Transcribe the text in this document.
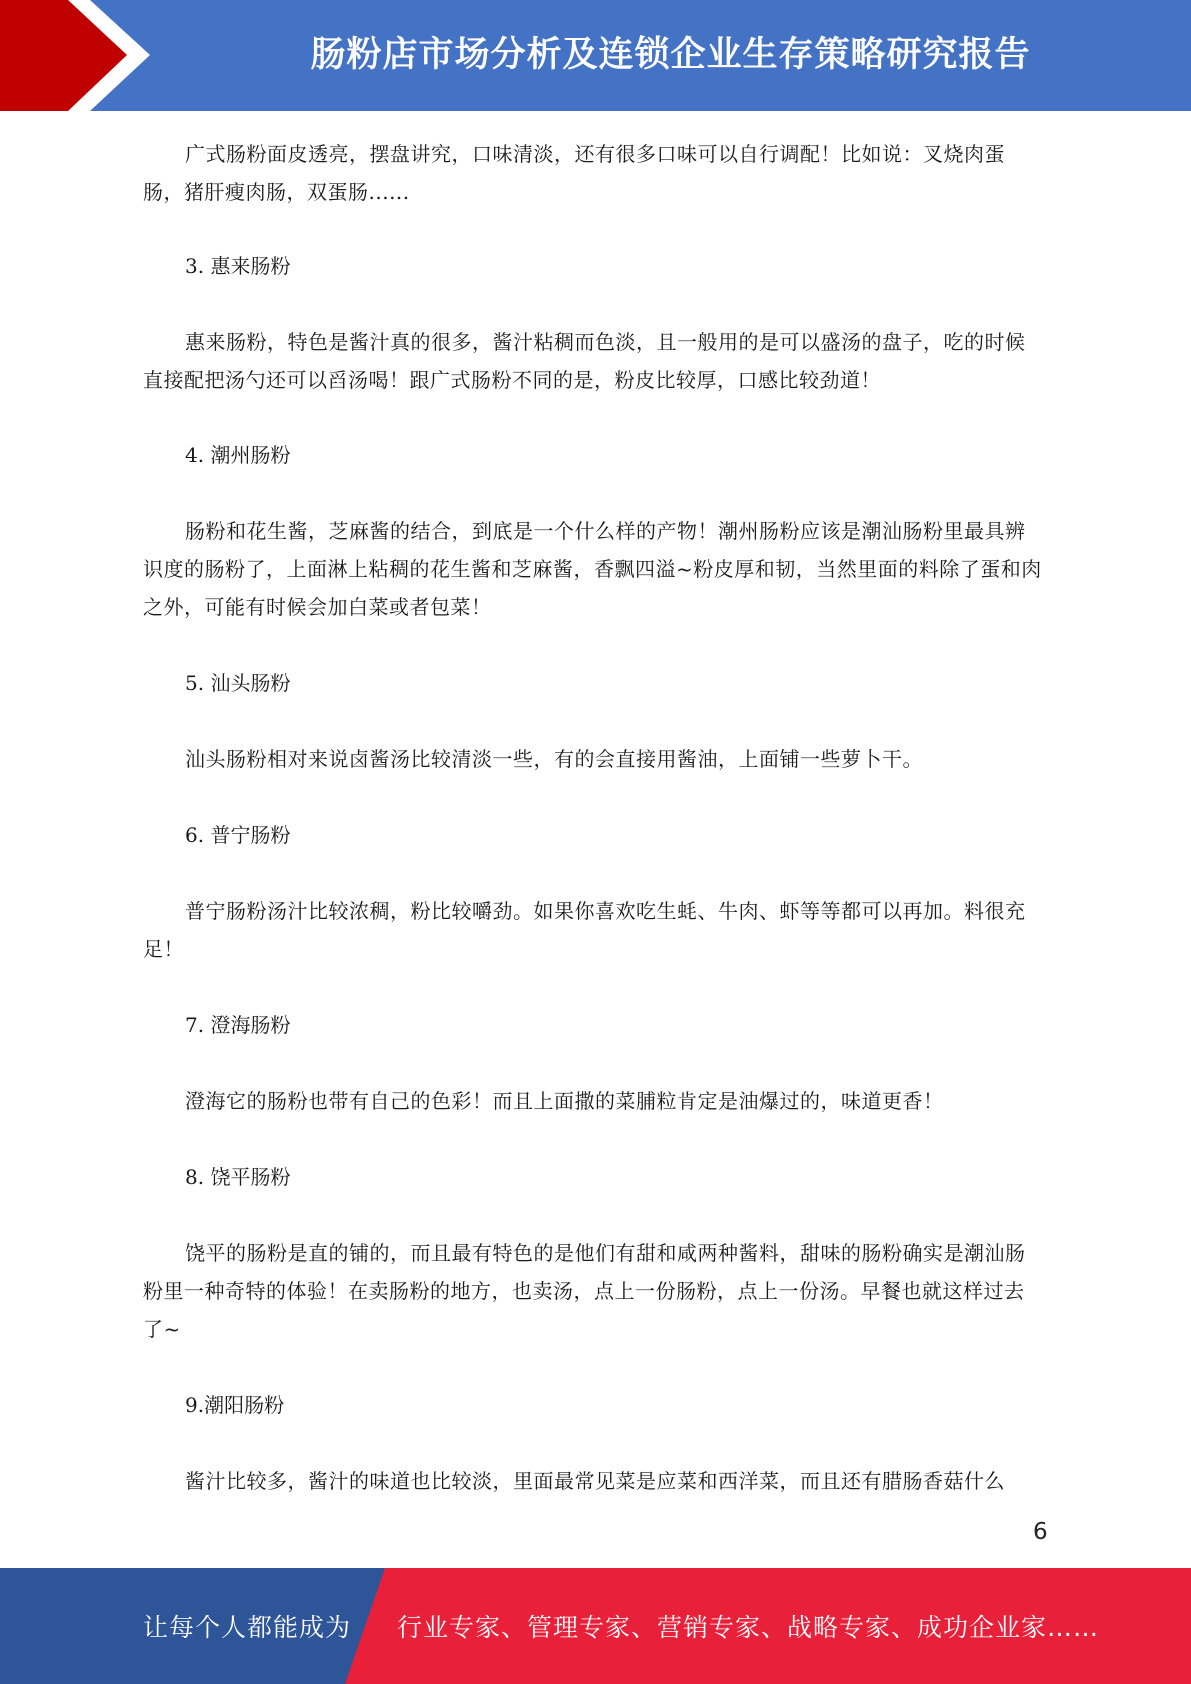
肠粉店市场分析及连锁企业生存策略研究报告

广式肠粉面皮透亮，摆盘讲究，口味清淡，还有很多口味可以自行调配！比如说：叉烧肉蛋肠，猪肝瘦肉肠，双蛋肠......

3. 惠来肠粉

惠来肠粉，特色是酱汁真的很多，酱汁粘稠而色淡，且一般用的是可以盛汤的盘子，吃的时候直接配把汤勺还可以舀汤喝！跟广式肠粉不同的是，粉皮比较厚，口感比较劲道！

4. 潮州肠粉

肠粉和花生酱，芝麻酱的结合，到底是一个什么样的产物！潮州肠粉应该是潮汕肠粉里最具辨识度的肠粉了，上面淋上粘稠的花生酱和芝麻酱，香飘四溢~粉皮厚和韧，当然里面的料除了蛋和肉之外，可能有时候会加白菜或者包菜！

5. 汕头肠粉

汕头肠粉相对来说卤酱汤比较清淡一些，有的会直接用酱油，上面铺一些萝卜干。

6. 普宁肠粉

普宁肠粉汤汁比较浓稠，粉比较嚼劲。如果你喜欢吃生蚝、牛肉、虾等等都可以再加。料很充足！

7. 澄海肠粉

澄海它的肠粉也带有自己的色彩！而且上面撒的菜脯粒肯定是油爆过的，味道更香！

8. 饶平肠粉

饶平的肠粉是直的铺的，而且最有特色的是他们有甜和咸两种酱料，甜味的肠粉确实是潮汕肠粉里一种奇特的体验！在卖肠粉的地方，也卖汤，点上一份肠粉，点上一份汤。早餐也就这样过去了~

9.潮阳肠粉

酱汁比较多，酱汁的味道也比较淡，里面最常见菜是应菜和西洋菜，而且还有腊肠香菇什么

6
让每个人都能成为 行业专家、管理专家、营销专家、战略专家、成功企业家……
